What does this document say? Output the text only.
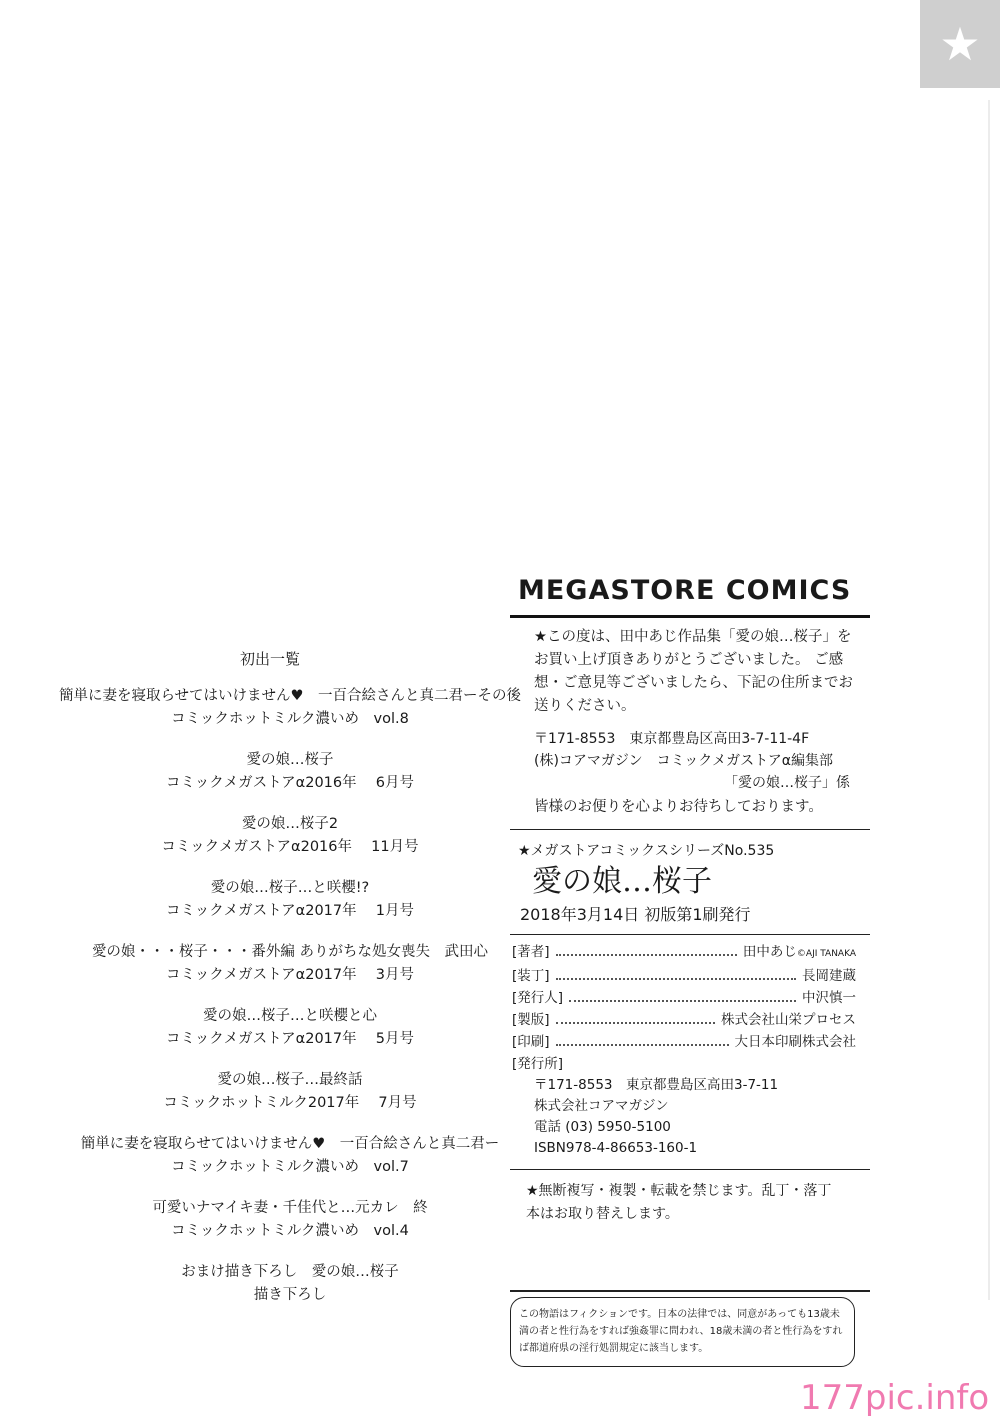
★
初出一覧
簡単に妻を寝取らせてはいけません♥　一百合絵さんと真二君ーその後
コミックホットミルク濃いめ　vol.8
愛の娘…桜子
コミックメガストアα2016年　 6月号
愛の娘…桜子2
コミックメガストアα2016年　 11月号
愛の娘…桜子…と咲櫻!?
コミックメガストアα2017年　 1月号
愛の娘・・・桜子・・・番外編 ありがちな処女喪失　武田心
コミックメガストアα2017年　 3月号
愛の娘…桜子…と咲櫻と心
コミックメガストアα2017年　 5月号
愛の娘…桜子…最終話
コミックホットミルク2017年　 7月号
簡単に妻を寝取らせてはいけません♥　一百合絵さんと真二君ー
コミックホットミルク濃いめ　vol.7
可愛いナマイキ妻・千佳代と…元カレ　終
コミックホットミルク濃いめ　vol.4
おまけ描き下ろし　愛の娘…桜子
描き下ろし
MEGASTORE COMICS
★この度は、田中あじ作品集「愛の娘…桜子」を
お買い上げ頂きありがとうございました。 ご感
想・ご意見等ございましたら、下記の住所までお
送りください。
〒171-8553　東京都豊島区高田3-7-11-4F
(株)コアマガジン　コミックメガストアα編集部
「愛の娘…桜子」係
皆様のお便りを心よりお待ちしております。
★メガストアコミックスシリーズNo.535
愛の娘…桜子
2018年3月14日 初版第1刷発行
[著者]	田中あじ©AJI TANAKA
[装丁]	長岡建蔵
[発行人]	中沢慎一
[製版]	株式会社山栄プロセス
[印刷]	大日本印刷株式会社
[発行所]
〒171-8553　東京都豊島区高田3-7-11
株式会社コアマガジン
電話 (03) 5950-5100
ISBN978-4-86653-160-1
★無断複写・複製・転載を禁じます。乱丁・落丁
本はお取り替えします。
この物語はフィクションです。日本の法律では、同意があっても13歳未満の者と性行為をすれば強姦罪に問われ、18歳未満の者と性行為をすれば都道府県の淫行処罰規定に該当します。
177pic.info
